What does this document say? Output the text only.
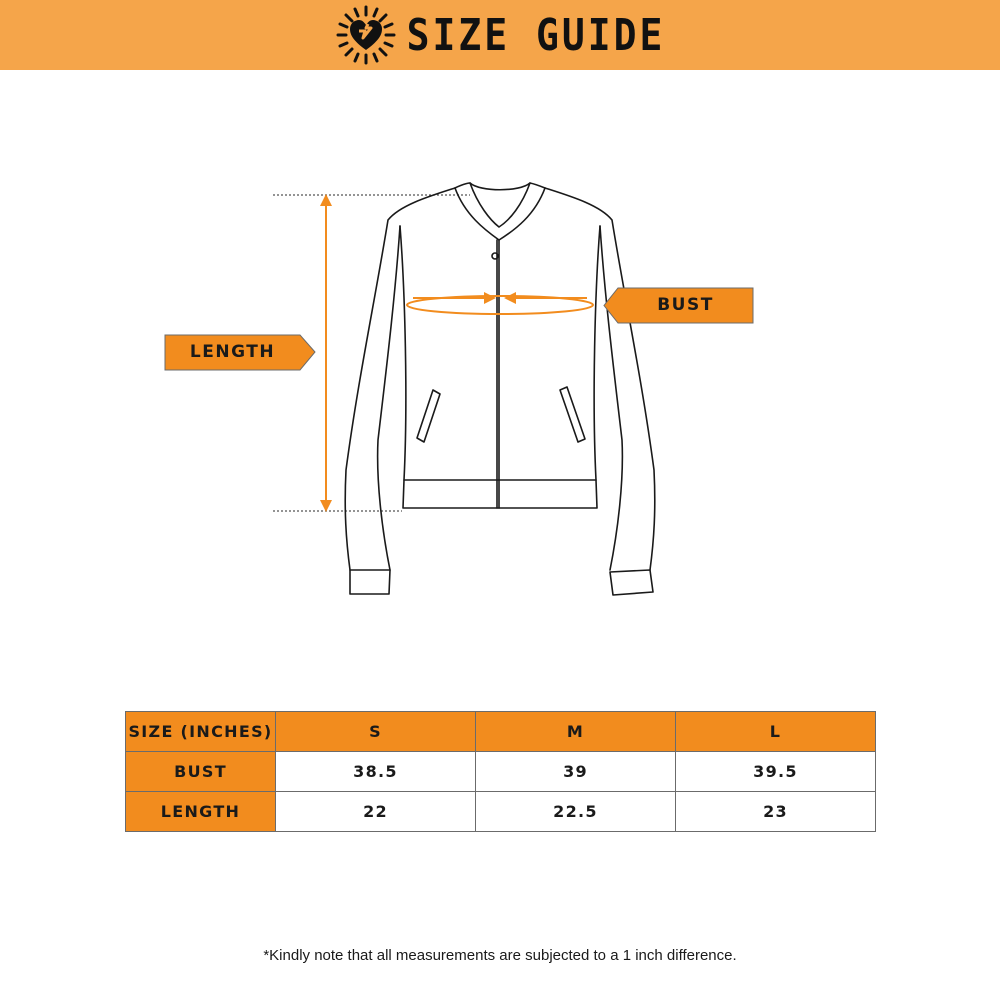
SIZE GUIDE
LENGTH
BUST
SIZE (INCHES)	S	M	L
BUST	38.5	39	39.5
LENGTH	22	22.5	23
*Kindly note that all measurements are subjected to a 1 inch difference.
